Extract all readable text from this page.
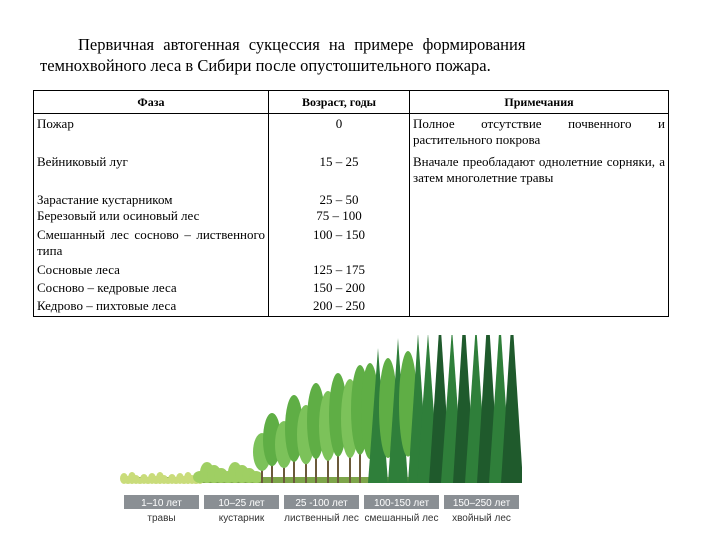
Первичная автогенная сукцессия на примере формирования
темнохвойного леса в Сибири после опустошительного пожара.
Фаза	Возраст, годы	Примечания
Пожар	0	Полное отсутствие почвенного и растительного покрова
Вейниковый луг	15 – 25	Вначале преобладают однолетние сорняки, а затем многолетние травы
Зарастание кустарником	25 – 50	
Березовый или осиновый лес	75 – 100	
Смешанный лес сосново – лиственного типа	100 – 150	
Сосновые леса	125 – 175	
Сосново – кедровые леса	150 – 200	
Кедрово – пихтовые леса	200 – 250	
1–10 лет
травы
10–25 лет
кустарник
25 -100 лет
лиственный лес
100-150 лет
смешанный лес
150–250 лет
хвойный лес
